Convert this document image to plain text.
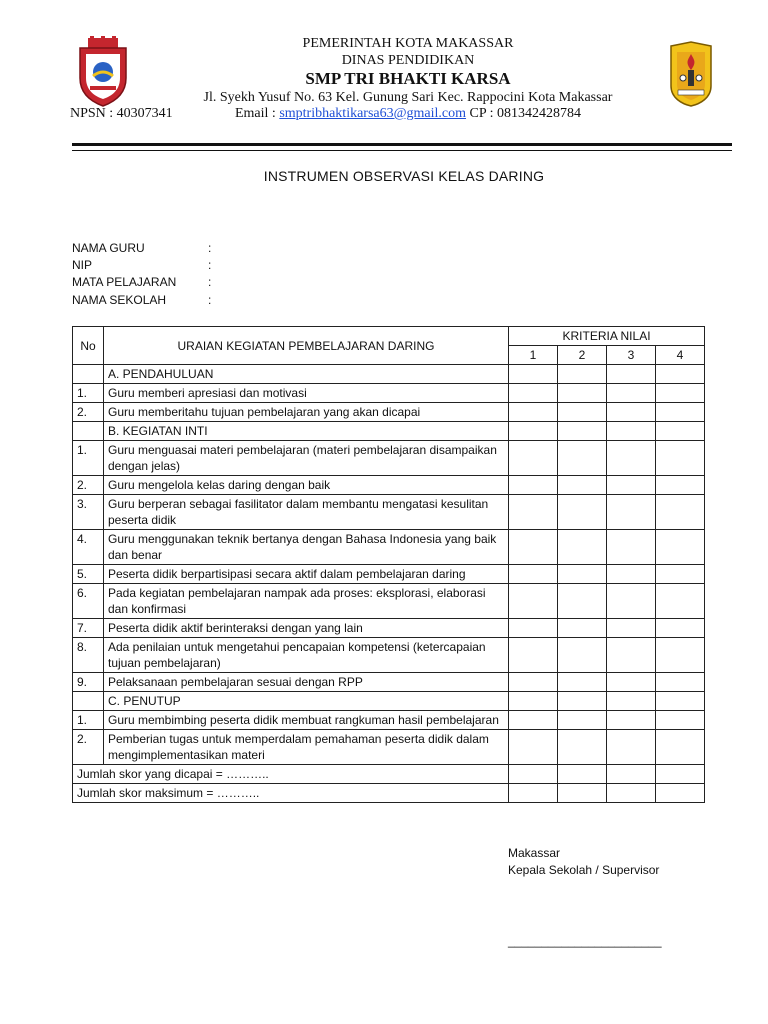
PEMERINTAH KOTA MAKASSAR
DINAS PENDIDIKAN
SMP TRI BHAKTI KARSA
Jl. Syekh Yusuf No. 63 Kel. Gunung Sari Kec. Rappocini Kota Makassar
Email : smptribhaktikarsa63@gmail.com CP : 081342428784
NPSN : 40307341
INSTRUMEN OBSERVASI KELAS DARING
NAMA GURU	:
NIP	:
MATA PELAJARAN	:
NAMA SEKOLAH	:
No	URAIAN KEGIATAN PEMBELAJARAN DARING	KRITERIA NILAI			
		1	2	3	4
	A. PENDAHULUAN				
1.	Guru memberi apresiasi dan motivasi				
2.	Guru memberitahu tujuan pembelajaran yang akan dicapai				
	B. KEGIATAN INTI				
1.	Guru menguasai materi pembelajaran (materi pembelajaran disampaikan dengan jelas)				
2.	Guru mengelola kelas daring dengan baik				
3.	Guru berperan sebagai fasilitator dalam membantu mengatasi kesulitan peserta didik				
4.	Guru menggunakan teknik bertanya dengan Bahasa Indonesia yang baik dan benar				
5.	Peserta didik berpartisipasi secara aktif dalam pembelajaran daring				
6.	Pada kegiatan pembelajaran nampak ada proses: eksplorasi, elaborasi dan konfirmasi				
7.	Peserta didik aktif berinteraksi dengan yang lain				
8.	Ada penilaian untuk mengetahui pencapaian kompetensi (ketercapaian tujuan pembelajaran)				
9.	Pelaksanaan pembelajaran sesuai dengan RPP				
	C. PENUTUP				
1.	Guru membimbing peserta didik membuat rangkuman hasil pembelajaran				
2.	Pemberian tugas untuk memperdalam pemahaman peserta didik dalam mengimplementasikan materi				
Jumlah skor yang dicapai = ………..					
Jumlah skor maksimum = ………..					
Makassar
Kepala Sekolah / Supervisor
_______________________
